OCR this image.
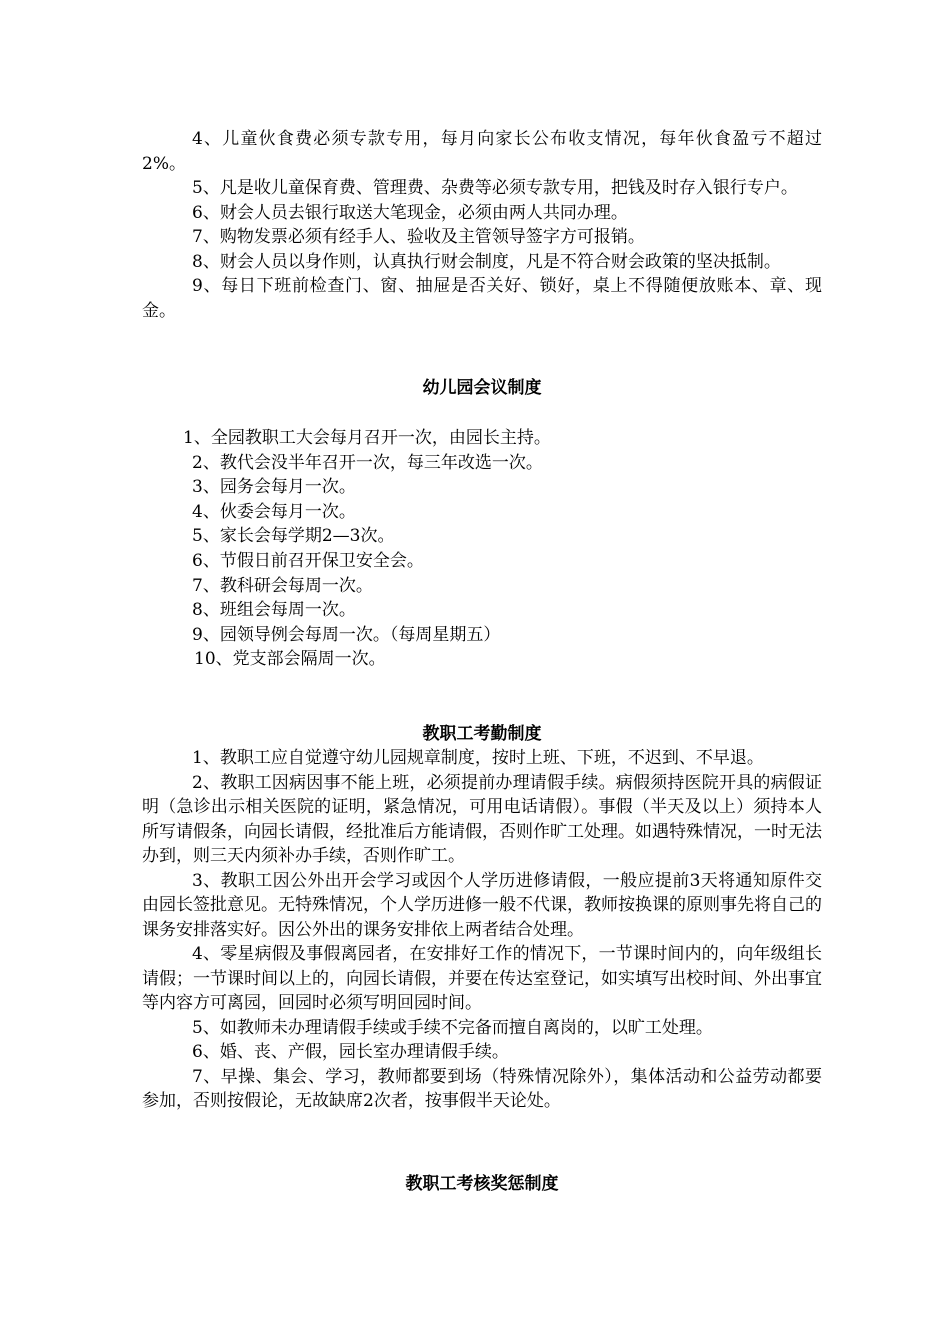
4、儿童伙食费必须专款专用，每月向家长公布收支情况，每年伙食盈亏不超过2%。

5、凡是收儿童保育费、管理费、杂费等必须专款专用，把钱及时存入银行专户。

6、财会人员去银行取送大笔现金，必须由两人共同办理。

7、购物发票必须有经手人、验收及主管领导签字方可报销。

8、财会人员以身作则，认真执行财会制度，凡是不符合财会政策的坚决抵制。

9、每日下班前检查门、窗、抽屉是否关好、锁好，桌上不得随便放账本、章、现金。

幼儿园会议制度
1、全园教职工大会每月召开一次，由园长主持。
2、教代会没半年召开一次，每三年改选一次。
3、园务会每月一次。
4、伙委会每月一次。
5、家长会每学期2—3次。
6、节假日前召开保卫安全会。
7、教科研会每周一次。
8、班组会每周一次。
9、园领导例会每周一次。（每周星期五）
10、党支部会隔周一次。
教职工考勤制度

1、教职工应自觉遵守幼儿园规章制度，按时上班、下班，不迟到、不早退。

2、教职工因病因事不能上班，必须提前办理请假手续。病假须持医院开具的病假证明（急诊出示相关医院的证明，紧急情况，可用电话请假）。事假（半天及以上）须持本人所写请假条，向园长请假，经批准后方能请假，否则作旷工处理。如遇特殊情况，一时无法办到，则三天内须补办手续，否则作旷工。

3、教职工因公外出开会学习或因个人学历进修请假，一般应提前3天将通知原件交由园长签批意见。无特殊情况，个人学历进修一般不代课，教师按换课的原则事先将自己的课务安排落实好。因公外出的课务安排依上两者结合处理。

4、零星病假及事假离园者，在安排好工作的情况下，一节课时间内的，向年级组长请假；一节课时间以上的，向园长请假，并要在传达室登记，如实填写出校时间、外出事宜等内容方可离园，回园时必须写明回园时间。

5、如教师未办理请假手续或手续不完备而擅自离岗的，以旷工处理。

6、婚、丧、产假，园长室办理请假手续。

7、早操、集会、学习，教师都要到场（特殊情况除外），集体活动和公益劳动都要参加，否则按假论，无故缺席2次者，按事假半天论处。

教职工考核奖惩制度
